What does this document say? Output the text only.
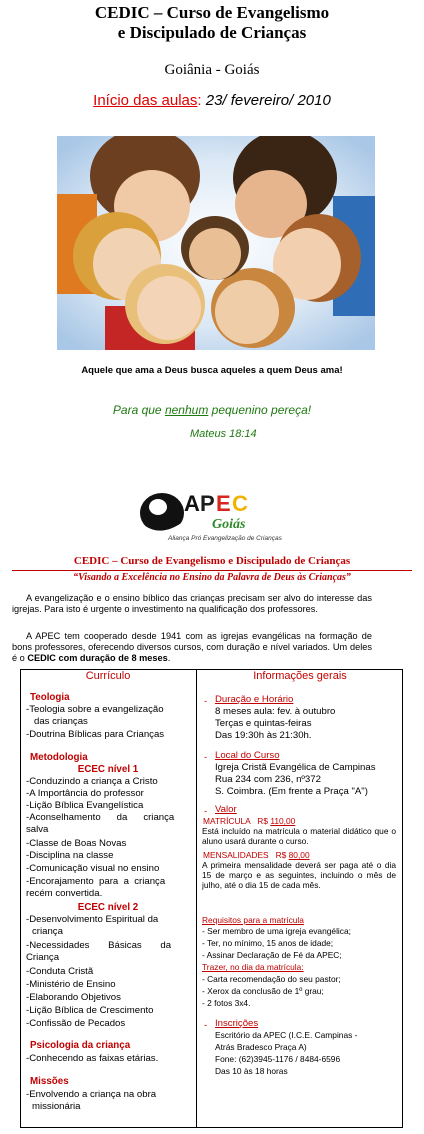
CEDIC – Curso de Evangelismo
e Discipulado de Crianças
Goiânia - Goiás
Início das aulas: 23/ fevereiro/ 2010
Aquele que ama a Deus busca aqueles a quem Deus ama!
Para que nenhum pequenino pereça!
Mateus 18:14
A P E C
Goiás
Aliança Pró Evangelização de Crianças
CEDIC – Curso de Evangelismo e Discipulado de Crianças
“Visando a Excelência no Ensino da Palavra de Deus às Crianças”
A evangelização e o ensino bíblico das crianças precisam ser alvo do interesse das igrejas. Para isto é urgente o investimento na qualificação dos professores.
A APEC tem cooperado desde 1941 com as igrejas evangélicas na formação de bons professores, oferecendo diversos cursos, com duração e nível variados. Um deles é o CEDIC com duração de 8 meses.
Currículo	Informações gerais
Teologia
-Teologia sobre a evangelização
das crianças
-Doutrina Bíblicas para Crianças
Metodologia
ECEC nível 1
-Conduzindo a criança a Cristo
-A Importância do professor
-Lição Bíblica Evangelística
-Aconselhamento      da      criança
salva
-Classe de Boas Novas
-Disciplina na classe
-Comunicação visual no ensino
-Encorajamento  para  a  criança
recém convertida.
ECEC nível 2
-Desenvolvimento Espiritual da
criança
-Necessidades       Básicas       da
Criança
-Conduta Cristã
-Ministério de Ensino
-Elaborando Objetivos
-Lição Bíblica de Crescimento
-Confissão de Pecados
Psicologia da criança
-Conhecendo as faixas etárias.
Missões
-Envolvendo a criança na obra
missionária
- Duração e Horário
8 meses aula: fev. à outubro
Terças e quintas-feiras
Das 19:30h às 21:30h.
- Local do Curso
Igreja Cristã Evangélica de Campinas
Rua 234 com 236, nº372
S. Coimbra. (Em frente a Praça "A")
- Valor
MATRÍCULA   R$ 110,00
Está incluído na matrícula o material didático que o aluno usará durante o curso.
MENSALIDADES   R$ 80,00
A primeira mensalidade deverá ser paga até o dia 15 de março e as seguintes, incluindo o mês de julho, até o dia 15 de cada mês.
Requisitos para a matrícula
- Ser membro de uma igreja evangélica;
- Ter, no mínimo, 15 anos de idade;
- Assinar Declaração de Fé da APEC;
Trazer, no dia da matrícula:
- Carta recomendação do seu pastor;
- Xerox da conclusão de 1º grau;
- 2 fotos 3x4.
- Inscrições
Escritório da APEC (I.C.E. Campinas -
Atrás Bradesco Praça A)
Fone: (62)3945-1176 / 8484-6596
Das 10 às 18 horas
